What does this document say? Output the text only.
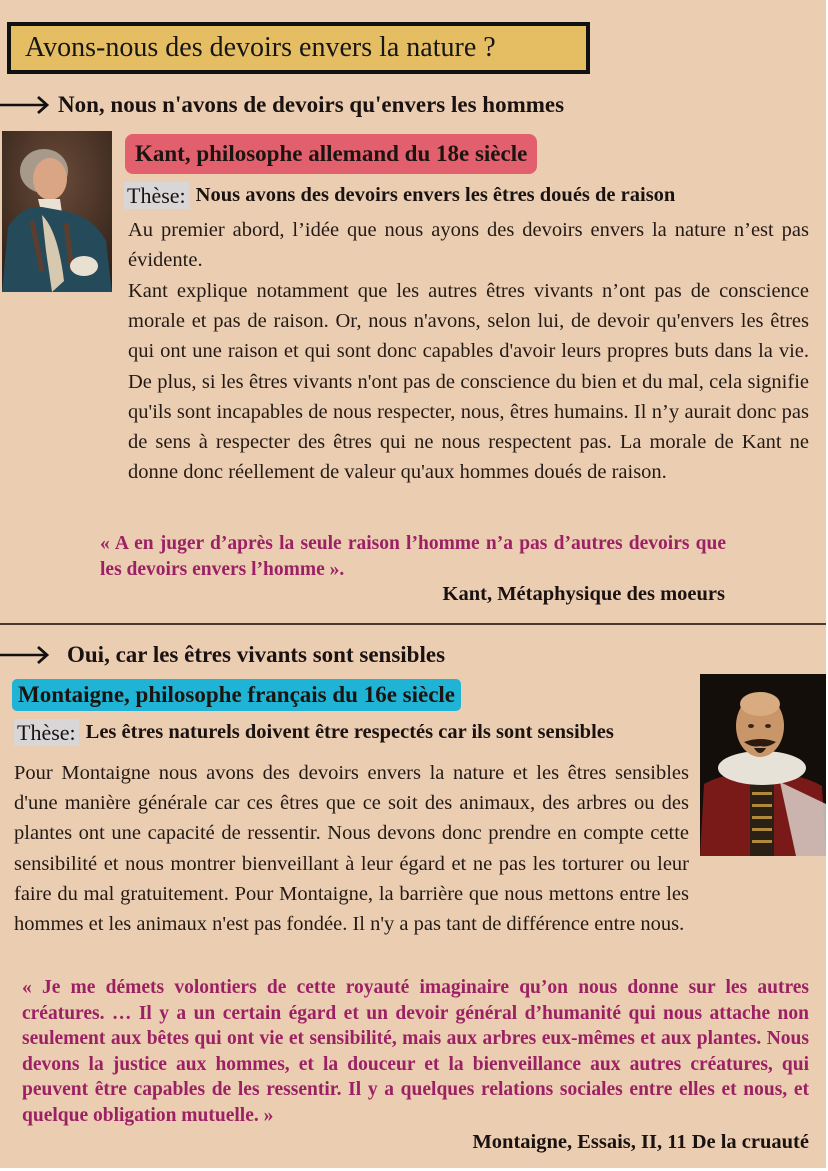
Avons-nous des devoirs envers la nature ?
Non, nous n'avons de devoirs qu'envers les hommes
Kant, philosophe allemand du 18e siècle
Thèse: Nous avons des devoirs envers les êtres doués de raison

Au premier abord, l’idée que nous ayons des devoirs envers la nature n’est pas évidente.

Kant explique notamment que les autres êtres vivants n’ont pas de conscience morale et pas de raison. Or, nous n'avons, selon lui, de devoir qu'envers les êtres qui ont une raison et qui sont donc capables d'avoir leurs propres buts dans la vie. De plus, si les êtres vivants n'ont pas de conscience du bien et du mal, cela signifie qu'ils sont incapables de nous respecter, nous, êtres humains. Il n’y aurait donc pas de sens à respecter des êtres qui ne nous respectent pas. La morale de Kant ne donne donc réellement de valeur qu'aux hommes doués de raison.

« A en juger d’après la seule raison l’homme n’a pas d’autres devoirs que les devoirs envers l’homme ».

Kant, Métaphysique des moeurs
Oui, car les êtres vivants sont sensibles
Montaigne, philosophe français du 16e siècle
Thèse: Les êtres naturels doivent être respectés car ils sont sensibles

Pour Montaigne nous avons des devoirs envers la nature et les êtres sensibles d'une manière générale car ces êtres que ce soit des animaux, des arbres ou des plantes ont une capacité de ressentir. Nous devons donc prendre en compte cette sensibilité et nous montrer bienveillant à leur égard et ne pas les torturer ou leur faire du mal gratuitement. Pour Montaigne, la barrière que nous mettons entre les hommes et les animaux n'est pas fondée. Il n'y a pas tant de différence entre nous.

« Je me démets volontiers de cette royauté imaginaire qu’on nous donne sur les autres créatures. … Il y a un certain égard et un devoir général d’humanité qui nous attache non seulement aux bêtes qui ont vie et sensibilité, mais aux arbres eux-mêmes et aux plantes. Nous devons la justice aux hommes, et la douceur et la bienveillance aux autres créatures, qui peuvent être capables de les ressentir. Il y a quelques relations sociales entre elles et nous, et quelque obligation mutuelle. »

Montaigne, Essais, II, 11 De la cruauté
